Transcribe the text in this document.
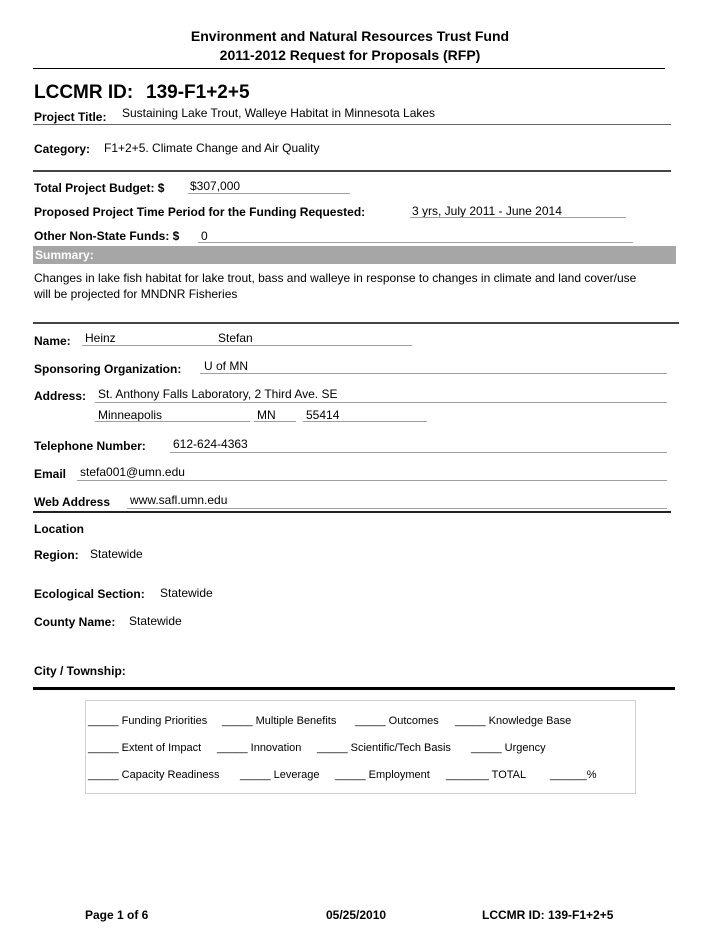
Environment and Natural Resources Trust Fund
2011-2012 Request for Proposals (RFP)
LCCMR ID: 139-F1+2+5
Project Title: Sustaining Lake Trout, Walleye Habitat in Minnesota Lakes
Category: F1+2+5. Climate Change and Air Quality
Total Project Budget: $ $307,000
Proposed Project Time Period for the Funding Requested:	3 yrs, July 2011 - June 2014
Other Non-State Funds: $ 0
Summary:
Changes in lake fish habitat for lake trout, bass and walleye in response to changes in climate and land cover/use will be projected for MNDNR Fisheries
Name: Heinz	Stefan
Sponsoring Organization: U of MN
Address: St. Anthony Falls Laboratory, 2 Third Ave. SE
Minneapolis	MN	55414
Telephone Number: 612-624-4363
Email stefa001@umn.edu
Web Address www.safl.umn.edu
Location
Region: Statewide
Ecological Section: Statewide
County Name: Statewide
City / Township:
_____ Funding Priorities _____ Multiple Benefits _____ Outcomes _____ Knowledge Base
_____ Extent of Impact _____ Innovation _____ Scientific/Tech Basis _____ Urgency
_____ Capacity Readiness _____ Leverage _____ Employment _______ TOTAL ______%
Page 1 of 6	05/25/2010	LCCMR ID: 139-F1+2+5
